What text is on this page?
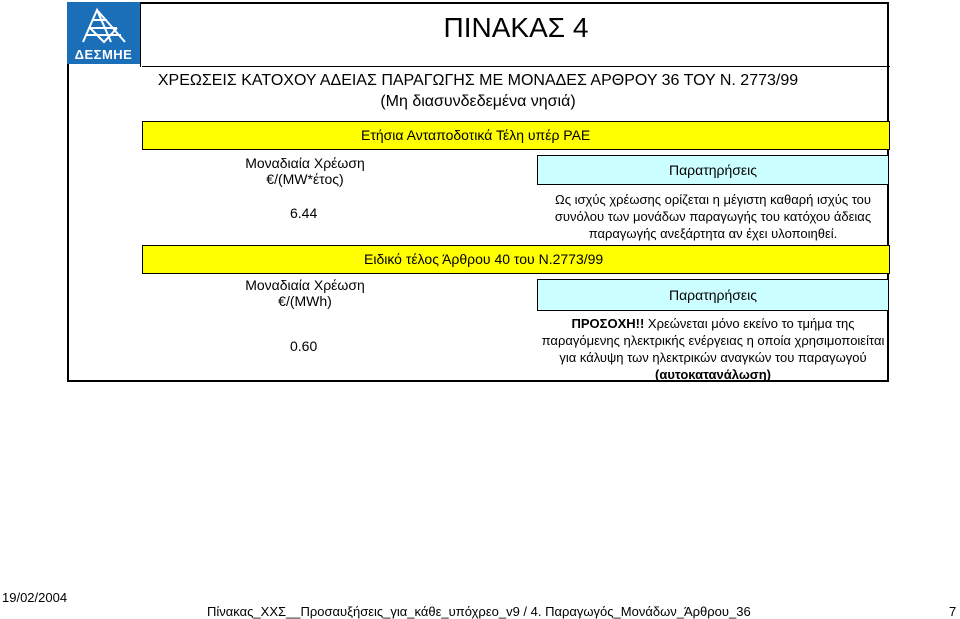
ΔΕΣΜΗΕ
ΠΙΝΑΚΑΣ 4
ΧΡΕΩΣΕΙΣ ΚΑΤΟΧΟΥ ΑΔΕΙΑΣ ΠΑΡΑΓΩΓΗΣ ΜΕ ΜΟΝΑΔΕΣ ΑΡΘΡΟΥ 36 ΤΟΥ Ν. 2773/99
(Μη διασυνδεδεμένα νησιά)
Ετήσια Ανταποδοτικά Τέλη υπέρ ΡΑΕ
Μοναδιαία Χρέωση
€/(MW*έτος)
6.44
Παρατηρήσεις
Ως ισχύς χρέωσης ορίζεται η μέγιστη καθαρή ισχύς του
συνόλου των μονάδων παραγωγής του κατόχου άδειας
παραγωγής ανεξάρτητα αν έχει υλοποιηθεί.
Ειδικό τέλος Άρθρου 40 του Ν.2773/99
Μοναδιαία Χρέωση
€/(MWh)
0.60
Παρατηρήσεις
ΠΡΟΣΟΧΗ!! Χρεώνεται μόνο εκείνο το τμήμα της
παραγόμενης ηλεκτρικής ενέργειας η οποία χρησιμοποιείται
για κάλυψη των ηλεκτρικών αναγκών του παραγωγού
(αυτοκατανάλωση)
19/02/2004
Πίνακας_ΧΧΣ__Προσαυξήσεις_για_κάθε_υπόχρεο_v9 / 4. Παραγωγός_Μονάδων_Άρθρου_36	7
